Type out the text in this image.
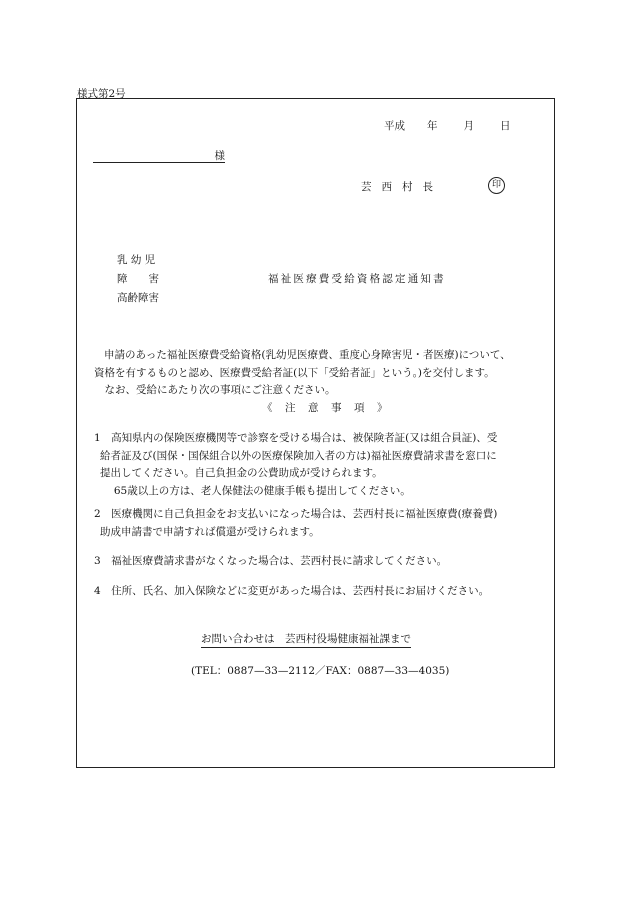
様式第2号
平成 年 月 日
様
芸 西 村 長	印
乳 幼 児
障　　害
高齢障害
福祉医療費受給資格認定通知書

申請のあった福祉医療費受給資格(乳幼児医療費、重度心身障害児・者医療)について、

資格を有するものと認め、医療費受給者証(以下「受給者証」という。)を交付します。

　なお、受給にあたり次の事項にご注意ください。

《　注　意　事　項　》

1　高知県内の保険医療機関等で診察を受ける場合は、被保険者証(又は組合員証)、受

給者証及び(国保・国保組合以外の医療保険加入者の方は)福祉医療費請求書を窓口に

提出してください。自己負担金の公費助成が受けられます。

　 65歳以上の方は、老人保健法の健康手帳も提出してください。

2　医療機関に自己負担金をお支払いになった場合は、芸西村長に福祉医療費(療養費)

助成申請書で申請すれば償還が受けられます。

3　福祉医療費請求書がなくなった場合は、芸西村長に請求してください。

4　住所、氏名、加入保険などに変更があった場合は、芸西村長にお届けください。

お問い合わせは　芸西村役場健康福祉課まで
(TEL：0887—33—2112／FAX：0887—33—4035)
